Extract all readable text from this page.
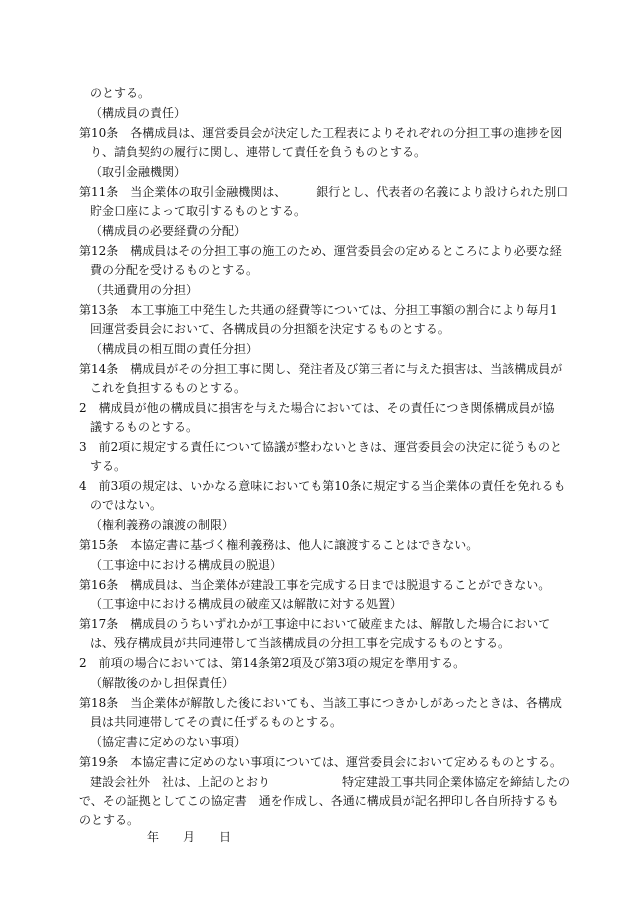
のとする。
（構成員の責任）
第10条　各構成員は、運営委員会が決定した工程表によりそれぞれの分担工事の進捗を図
り、請負契約の履行に関し、連帯して責任を負うものとする。
（取引金融機関）
第11条　当企業体の取引金融機関は、　　　銀行とし、代表者の名義により設けられた別口
貯金口座によって取引するものとする。
（構成員の必要経費の分配）
第12条　構成員はその分担工事の施工のため、運営委員会の定めるところにより必要な経
費の分配を受けるものとする。
（共通費用の分担）
第13条　本工事施工中発生した共通の経費等については、分担工事額の割合により毎月1
回運営委員会において、各構成員の分担額を決定するものとする。
（構成員の相互間の責任分担）
第14条　構成員がその分担工事に関し、発注者及び第三者に与えた損害は、当該構成員が
これを負担するものとする。
2　構成員が他の構成員に損害を与えた場合においては、その責任につき関係構成員が協
議するものとする。
3　前2項に規定する責任について協議が整わないときは、運営委員会の決定に従うものと
する。
4　前3項の規定は、いかなる意味においても第10条に規定する当企業体の責任を免れるも
のではない。
（権利義務の譲渡の制限）
第15条　本協定書に基づく権利義務は、他人に譲渡することはできない。
（工事途中における構成員の脱退）
第16条　構成員は、当企業体が建設工事を完成する日までは脱退することができない。
（工事途中における構成員の破産又は解散に対する処置）
第17条　構成員のうちいずれかが工事途中において破産または、解散した場合において
は、残存構成員が共同連帯して当該構成員の分担工事を完成するものとする。
2　前項の場合においては、第14条第2項及び第3項の規定を準用する。
（解散後のかし担保責任）
第18条　当企業体が解散した後においても、当該工事につきかしがあったときは、各構成
員は共同連帯してその責に任ずるものとする。
（協定書に定めのない事項）
第19条　本協定書に定めのない事項については、運営委員会において定めるものとする。
建設会社外　社は、上記のとおり　　　　　　特定建設工事共同企業体協定を締結したの
で、その証拠としてこの協定書　通を作成し、各通に構成員が記名押印し各自所持するも
のとする。
年　　月　　日
